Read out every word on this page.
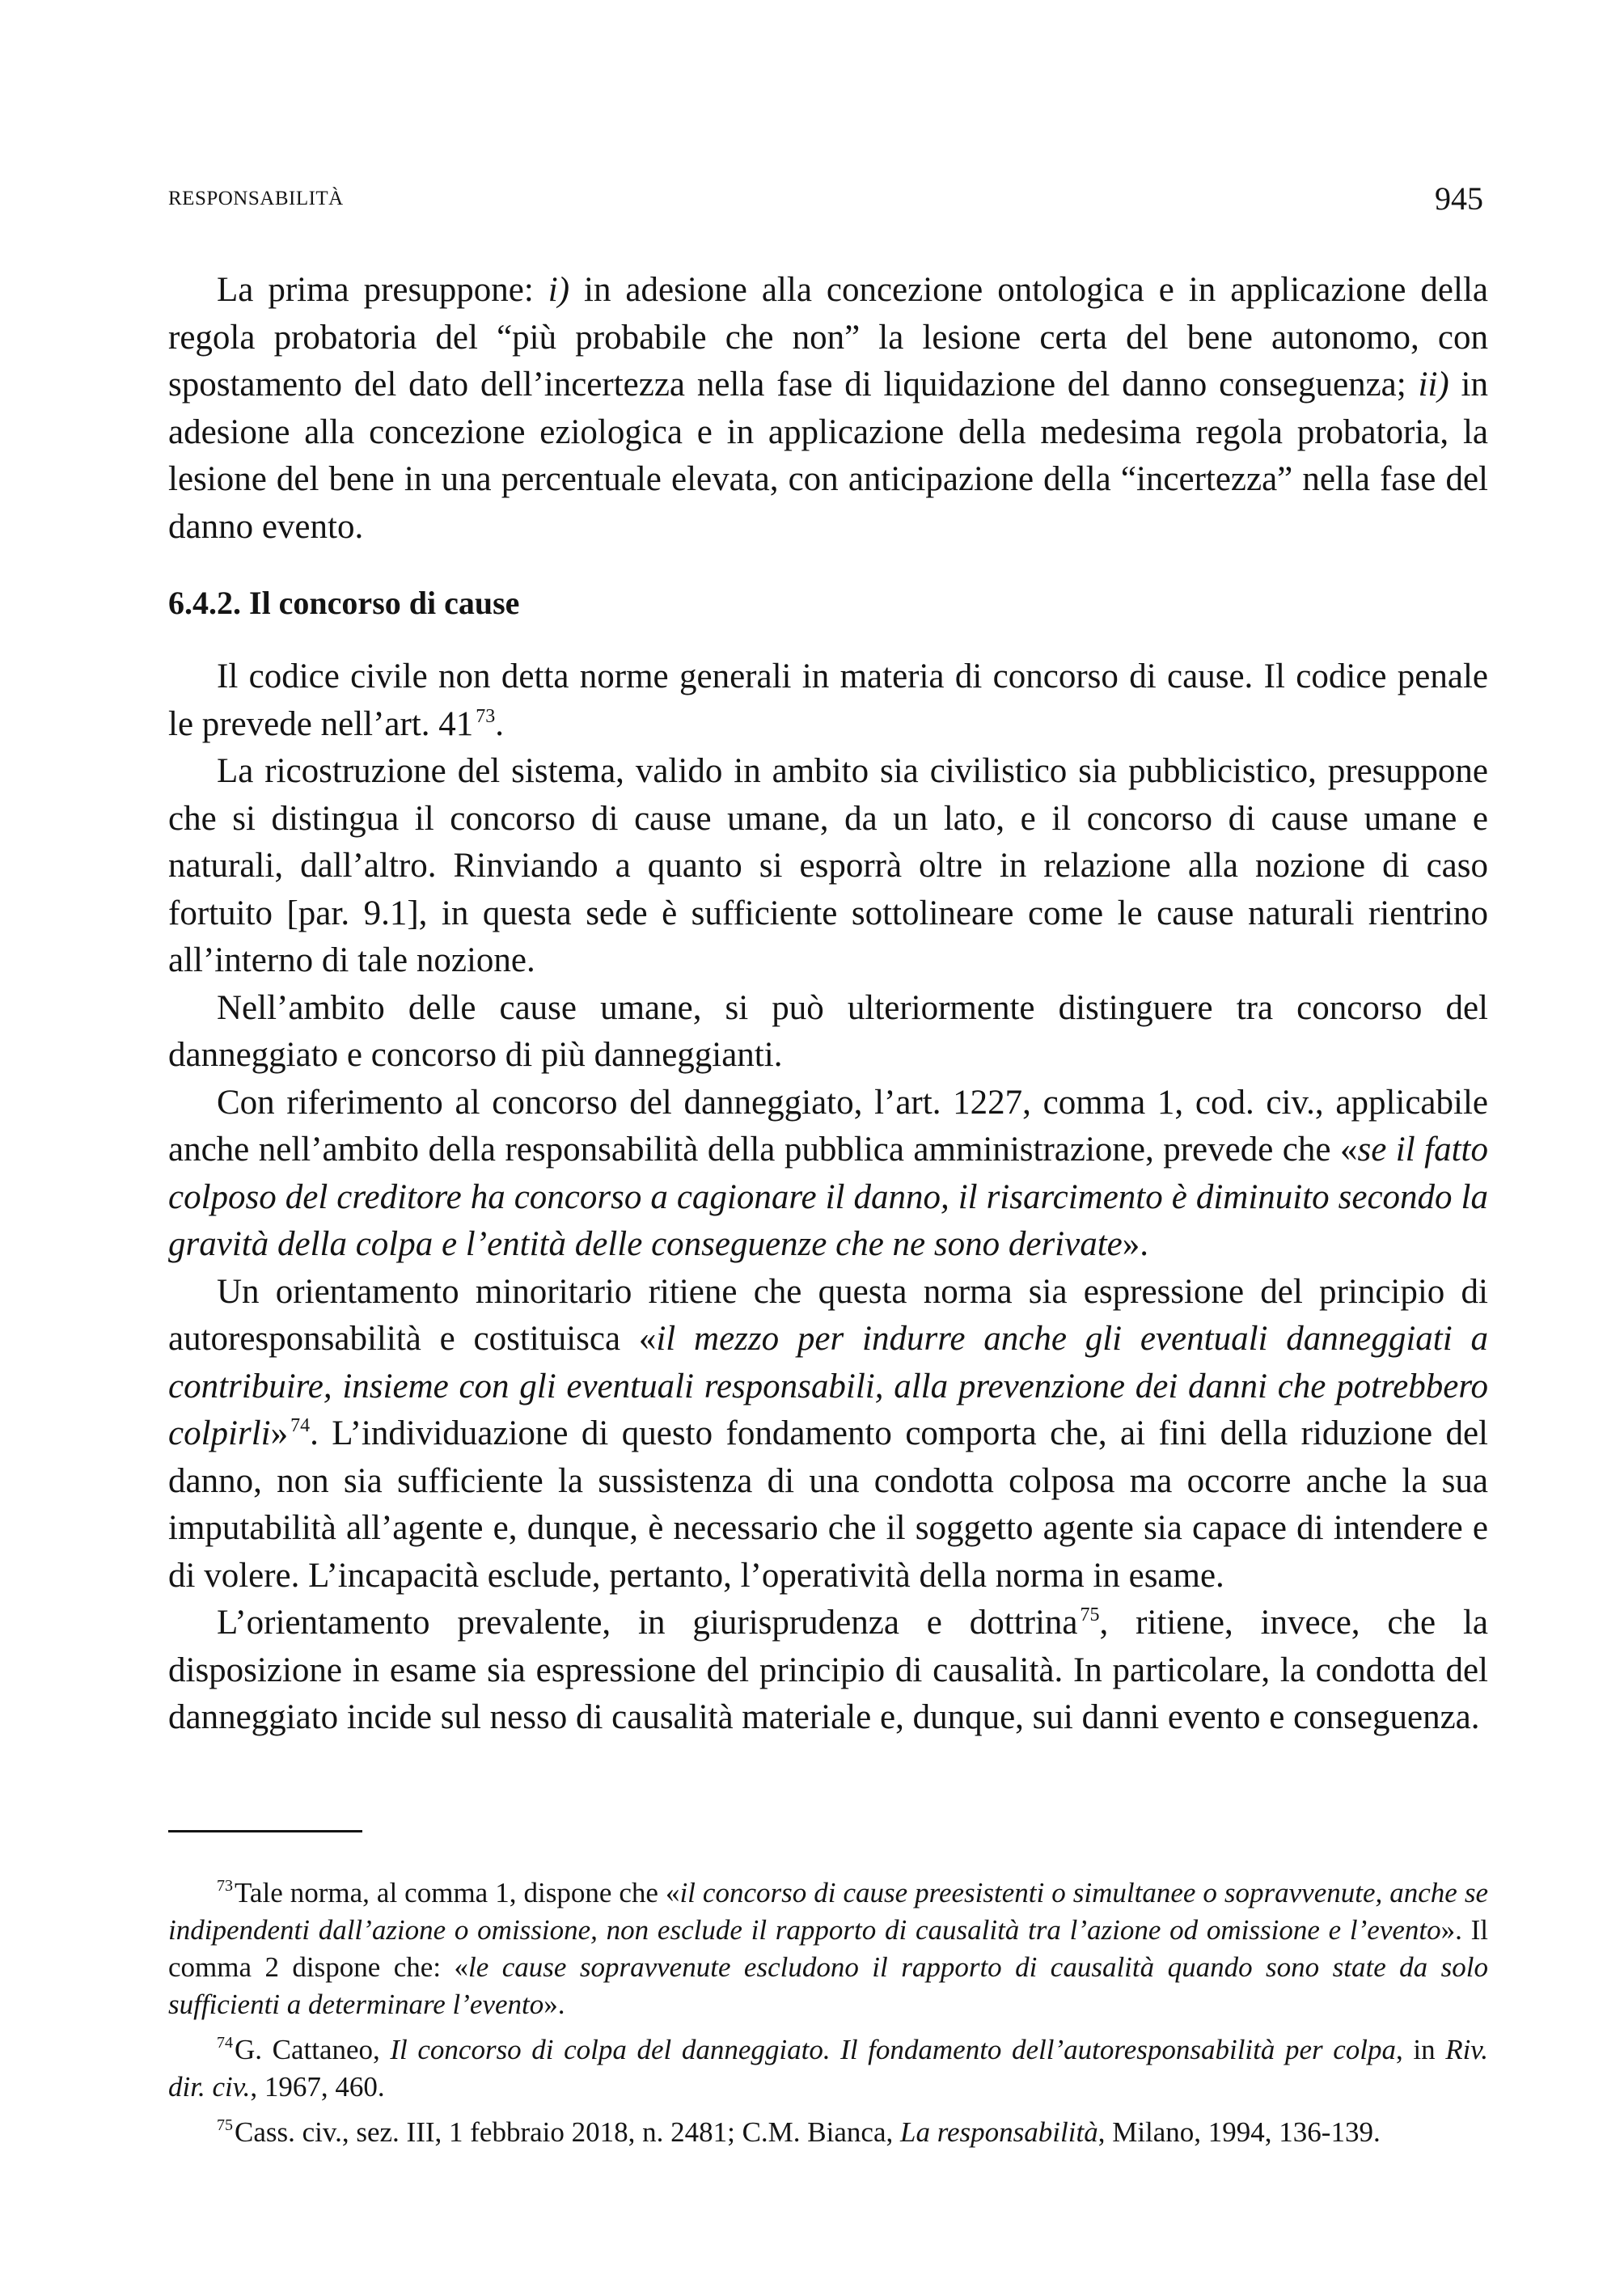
RESPONSABILITÀ	945

La prima presuppone: i) in adesione alla concezione ontologica e in applicazione della regola probatoria del “più probabile che non” la lesione certa del bene autonomo, con spostamento del dato dell’incertezza nella fase di liquidazione del danno conseguenza; ii) in adesione alla concezione eziologica e in applicazione della medesima regola probatoria, la lesione del bene in una percentuale elevata, con anticipazione della “incertezza” nella fase del danno evento.

6.4.2. Il concorso di cause

Il codice civile non detta norme generali in materia di concorso di cause. Il codice penale le prevede nell’art. 41 $^{73}$.

La ricostruzione del sistema, valido in ambito sia civilistico sia pubblicistico, presuppone che si distingua il concorso di cause umane, da un lato, e il concorso di cause umane e naturali, dall’altro. Rinviando a quanto si esporrà oltre in relazione alla nozione di caso fortuito [par. 9.1], in questa sede è sufficiente sottolineare come le cause naturali rientrino all’interno di tale nozione.

Nell’ambito delle cause umane, si può ulteriormente distinguere tra concorso del danneggiato e concorso di più danneggianti.

Con riferimento al concorso del danneggiato, l’art. 1227, comma 1, cod. civ., applicabile anche nell’ambito della responsabilità della pubblica amministrazione, prevede che «se il fatto colposo del creditore ha concorso a cagionare il danno, il risarcimento è diminuito secondo la gravità della colpa e l’entità delle conseguenze che ne sono derivate».

Un orientamento minoritario ritiene che questa norma sia espressione del principio di autoresponsabilità e costituisca «il mezzo per indurre anche gli eventuali danneggiati a contribuire, insieme con gli eventuali responsabili, alla prevenzione dei danni che potrebbero colpirli» $^{74}$. L’individuazione di questo fondamento comporta che, ai fini della riduzione del danno, non sia sufficiente la sussistenza di una condotta colposa ma occorre anche la sua imputabilità all’agente e, dunque, è necessario che il soggetto agente sia capace di intendere e di volere. L’incapacità esclude, pertanto, l’operatività della norma in esame.

L’orientamento prevalente, in giurisprudenza e dottrina $^{75}$, ritiene, invece, che la disposizione in esame sia espressione del principio di causalità. In particolare, la condotta del danneggiato incide sul nesso di causalità materiale e, dunque, sui danni evento e conseguenza.

$^{73}$Tale norma, al comma 1, dispone che «il concorso di cause preesistenti o simultanee o sopravvenute, anche se indipendenti dall’azione o omissione, non esclude il rapporto di causalità tra l’azione od omissione e l’evento». Il comma 2 dispone che: «le cause sopravvenute escludono il rapporto di causalità quando sono state da solo sufficienti a determinare l’evento».

$^{74}$G. Cattaneo, Il concorso di colpa del danneggiato. Il fondamento dell’autoresponsabilità per colpa, in Riv. dir. civ., 1967, 460.

$^{75}$Cass. civ., sez. III, 1 febbraio 2018, n. 2481; C.M. Bianca, La responsabilità, Milano, 1994, 136-139.
